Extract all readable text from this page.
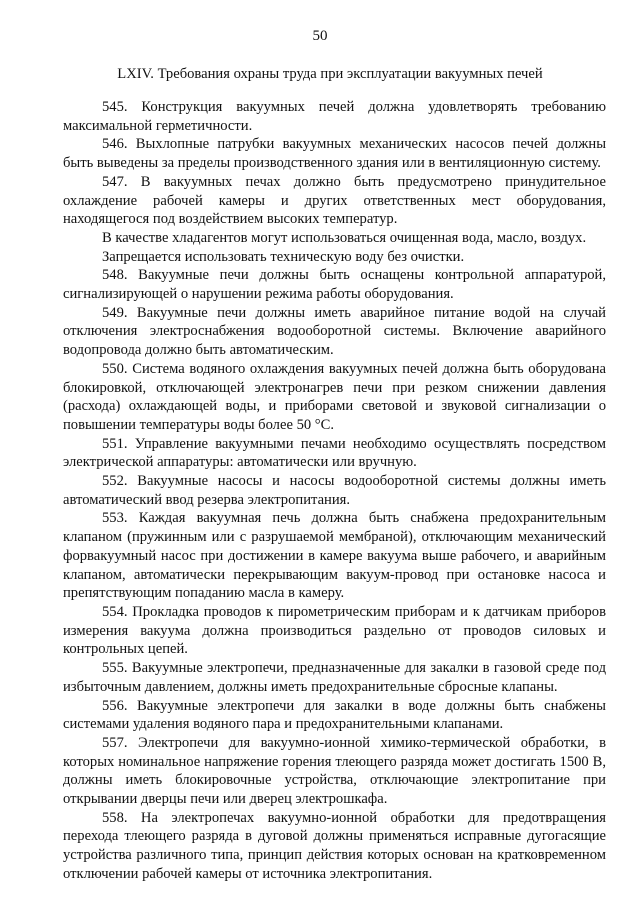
50
LXIV. Требования охраны труда при эксплуатации вакуумных печей

545. Конструкция вакуумных печей должна удовлетворять требованию максимальной герметичности.

546. Выхлопные патрубки вакуумных механических насосов печей должны быть выведены за пределы производственного здания или в вентиляционную систему.

547. В вакуумных печах должно быть предусмотрено принудительное охлаждение рабочей камеры и других ответственных мест оборудования, находящегося под воздействием высоких температур.

В качестве хладагентов могут использоваться очищенная вода, масло, воздух.

Запрещается использовать техническую воду без очистки.

548. Вакуумные печи должны быть оснащены контрольной аппаратурой, сигнализирующей о нарушении режима работы оборудования.

549. Вакуумные печи должны иметь аварийное питание водой на случай отключения электроснабжения водооборотной системы. Включение аварийного водопровода должно быть автоматическим.

550. Система водяного охлаждения вакуумных печей должна быть оборудована блокировкой, отключающей электронагрев печи при резком снижении давления (расхода) охлаждающей воды, и приборами световой и звуковой сигнализации о повышении температуры воды более 50 °С.

551. Управление вакуумными печами необходимо осуществлять посредством электрической аппаратуры: автоматически или вручную.

552. Вакуумные насосы и насосы водооборотной системы должны иметь автоматический ввод резерва электропитания.

553. Каждая вакуумная печь должна быть снабжена предохранительным клапаном (пружинным или с разрушаемой мембраной), отключающим механический форвакуумный насос при достижении в камере вакуума выше рабочего, и аварийным клапаном, автоматически перекрывающим вакуум-провод при остановке насоса и препятствующим попаданию масла в камеру.

554. Прокладка проводов к пирометрическим приборам и к датчикам приборов измерения вакуума должна производиться раздельно от проводов силовых и контрольных цепей.

555. Вакуумные электропечи, предназначенные для закалки в газовой среде под избыточным давлением, должны иметь предохранительные сбросные клапаны.

556. Вакуумные электропечи для закалки в воде должны быть снабжены системами удаления водяного пара и предохранительными клапанами.

557. Электропечи для вакуумно-ионной химико-термической обработки, в которых номинальное напряжение горения тлеющего разряда может достигать 1500 В, должны иметь блокировочные устройства, отключающие электропитание при открывании дверцы печи или дверец электрошкафа.

558. На электропечах вакуумно-ионной обработки для предотвращения перехода тлеющего разряда в дуговой должны применяться исправные дугогасящие устройства различного типа, принцип действия которых основан на кратковременном отключении рабочей камеры от источника электропитания.
